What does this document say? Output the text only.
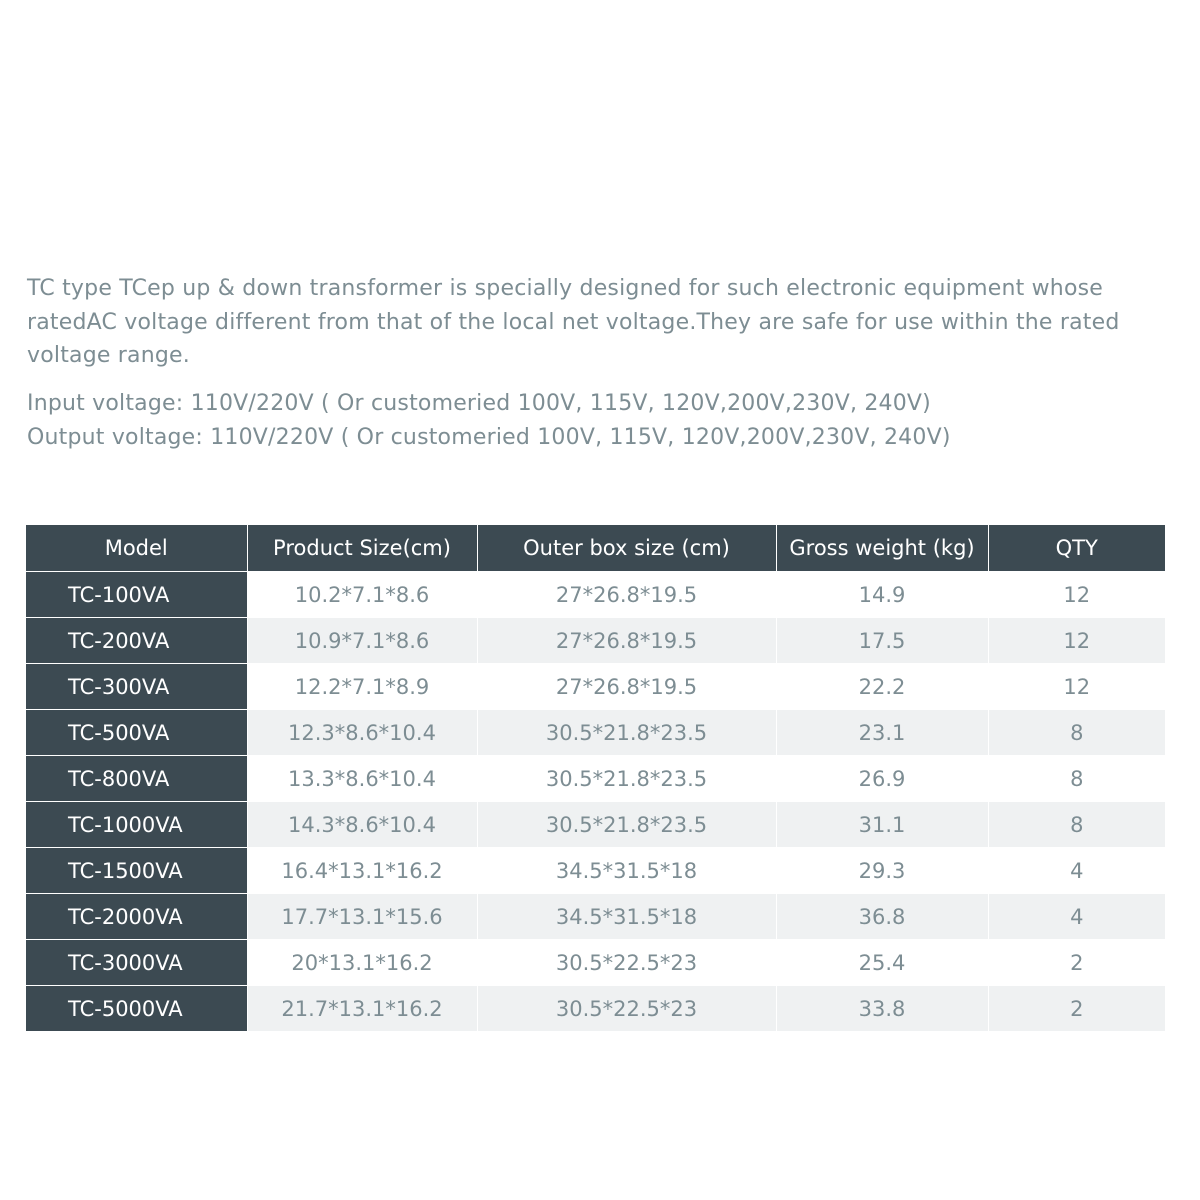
TC type TCep up & down transformer is specially designed for such electronic equipment whose ratedAC voltage different from that of the local net voltage.They are safe for use within the rated voltage range.

Input voltage: 110V/220V ( Or customeried 100V, 115V, 120V,200V,230V, 240V)
Output voltage: 110V/220V ( Or customeried 100V, 115V, 120V,200V,230V, 240V)
Model	Product Size(cm)	Outer box size (cm)	Gross weight (kg)	QTY
TC-100VA	10.2*7.1*8.6	27*26.8*19.5	14.9	12
TC-200VA	10.9*7.1*8.6	27*26.8*19.5	17.5	12
TC-300VA	12.2*7.1*8.9	27*26.8*19.5	22.2	12
TC-500VA	12.3*8.6*10.4	30.5*21.8*23.5	23.1	8
TC-800VA	13.3*8.6*10.4	30.5*21.8*23.5	26.9	8
TC-1000VA	14.3*8.6*10.4	30.5*21.8*23.5	31.1	8
TC-1500VA	16.4*13.1*16.2	34.5*31.5*18	29.3	4
TC-2000VA	17.7*13.1*15.6	34.5*31.5*18	36.8	4
TC-3000VA	20*13.1*16.2	30.5*22.5*23	25.4	2
TC-5000VA	21.7*13.1*16.2	30.5*22.5*23	33.8	2
